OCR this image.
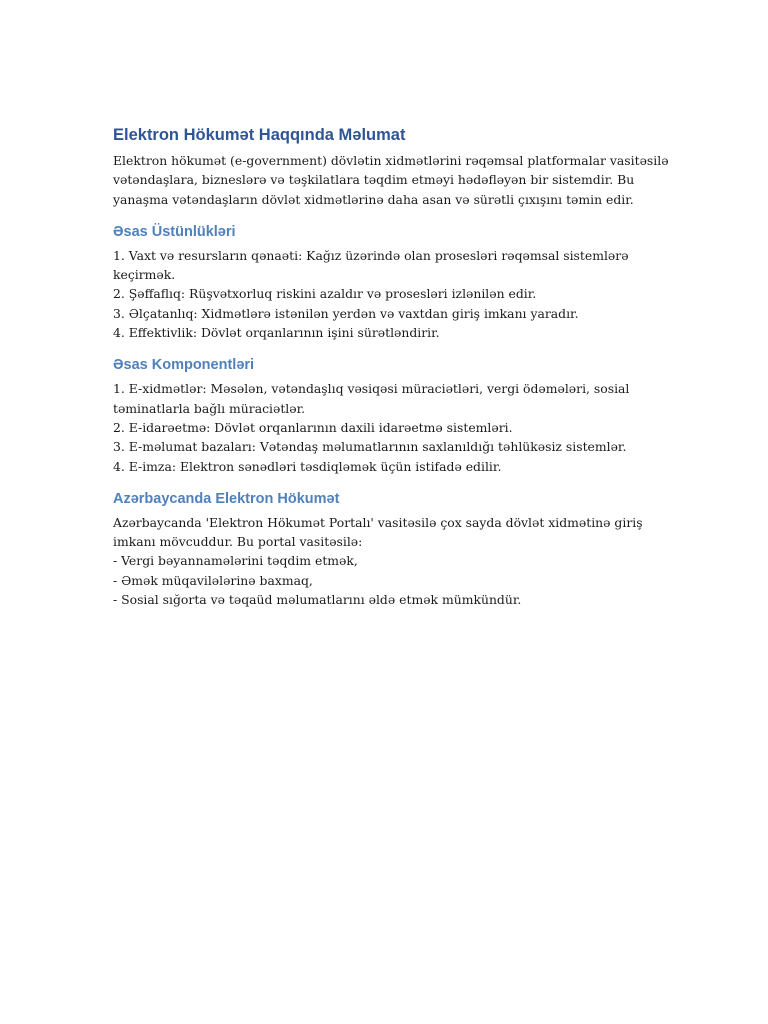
Elektron Hökumət Haqqında Məlumat

Elektron hökumət (e-government) dövlətin xidmətlərini rəqəmsal platformalar vasitəsilə
vətəndaşlara, bizneslərə və təşkilatlara təqdim etməyi hədəfləyən bir sistemdir. Bu
yanaşma vətəndaşların dövlət xidmətlərinə daha asan və sürətli çıxışını təmin edir.

Əsas Üstünlükləri

1. Vaxt və resursların qənaəti: Kağız üzərində olan prosesləri rəqəmsal sistemlərə
keçirmək.
2. Şəffaflıq: Rüşvətxorluq riskini azaldır və prosesləri izlənilən edir.
3. Əlçatanlıq: Xidmətlərə istənilən yerdən və vaxtdan giriş imkanı yaradır.
4. Effektivlik: Dövlət orqanlarının işini sürətləndirir.

Əsas Komponentləri

1. E-xidmətlər: Məsələn, vətəndaşlıq vəsiqəsi müraciətləri, vergi ödəmələri, sosial
təminatlarla bağlı müraciətlər.
2. E-idarəetmə: Dövlət orqanlarının daxili idarəetmə sistemləri.
3. E-məlumat bazaları: Vətəndaş məlumatlarının saxlanıldığı təhlükəsiz sistemlər.
4. E-imza: Elektron sənədləri təsdiqləmək üçün istifadə edilir.

Azərbaycanda Elektron Hökumət

Azərbaycanda 'Elektron Hökumət Portalı' vasitəsilə çox sayda dövlət xidmətinə giriş
imkanı mövcuddur. Bu portal vasitəsilə:
- Vergi bəyannamələrini təqdim etmək,
- Əmək müqavilələrinə baxmaq,
- Sosial sığorta və təqaüd məlumatlarını əldə etmək mümkündür.
